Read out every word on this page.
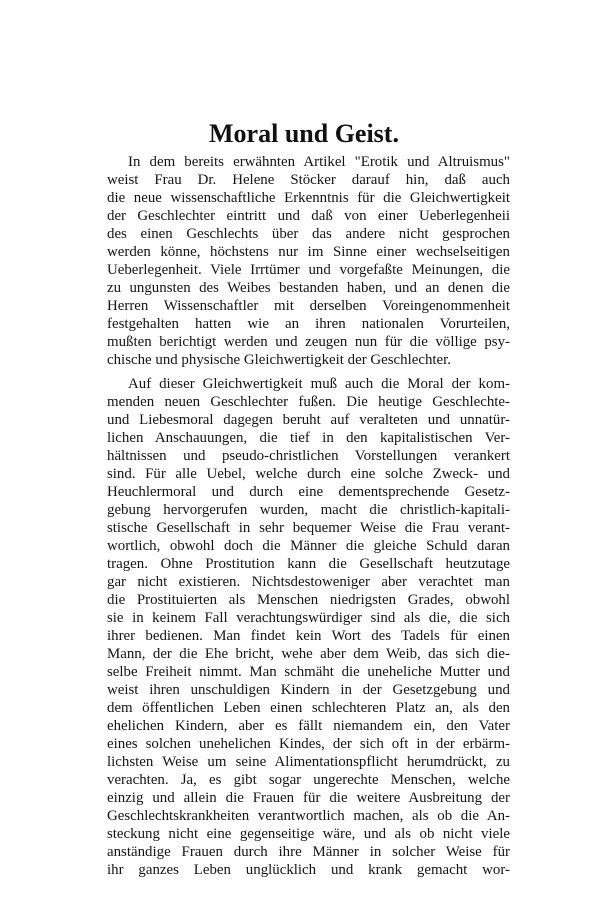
Moral und Geist.
In dem bereits erwähnten Artikel "Erotik und Altruismus"
weist Frau Dr. Helene Stöcker darauf hin, daß auch
die neue wissenschaftliche Erkenntnis für die Gleichwertigkeit
der Geschlechter eintritt und daß von einer Ueberlegenheii
des einen Geschlechts über das andere nicht gesprochen
werden könne, höchstens nur im Sinne einer wechselseitigen
Ueberlegenheit. Viele Irrtümer und vorgefaßte Meinungen, die
zu ungunsten des Weibes bestanden haben, und an denen die
Herren Wissenschaftler mit derselben Voreingenommenheit
festgehalten hatten wie an ihren nationalen Vorurteilen,
mußten berichtigt werden und zeugen nun für die völlige psy-
chische und physische Gleichwertigkeit der Geschlechter.
Auf dieser Gleichwertigkeit muß auch die Moral der kom-
menden neuen Geschlechter fußen. Die heutige Geschlechte-
und Liebesmoral dagegen beruht auf veralteten und unnatür-
lichen Anschauungen, die tief in den kapitalistischen Ver-
hältnissen und pseudo-christlichen Vorstellungen verankert
sind. Für alle Uebel, welche durch eine solche Zweck- und
Heuchlermoral und durch eine dementsprechende Gesetz-
gebung hervorgerufen wurden, macht die christlich-kapitali-
stische Gesellschaft in sehr bequemer Weise die Frau verant-
wortlich, obwohl doch die Männer die gleiche Schuld daran
tragen. Ohne Prostitution kann die Gesellschaft heutzutage
gar nicht existieren. Nichtsdestoweniger aber verachtet man
die Prostituierten als Menschen niedrigsten Grades, obwohl
sie in keinem Fall verachtungswürdiger sind als die, die sich
ihrer bedienen. Man findet kein Wort des Tadels für einen
Mann, der die Ehe bricht, wehe aber dem Weib, das sich die-
selbe Freiheit nimmt. Man schmäht die uneheliche Mutter und
weist ihren unschuldigen Kindern in der Gesetzgebung und
dem öffentlichen Leben einen schlechteren Platz an, als den
ehelichen Kindern, aber es fällt niemandem ein, den Vater
eines solchen unehelichen Kindes, der sich oft in der erbärm-
lichsten Weise um seine Alimentationspflicht herumdrückt, zu
verachten. Ja, es gibt sogar ungerechte Menschen, welche
einzig und allein die Frauen für die weitere Ausbreitung der
Geschlechtskrankheiten verantwortlich machen, als ob die An-
steckung nicht eine gegenseitige wäre, und als ob nicht viele
anständige Frauen durch ihre Männer in solcher Weise für
ihr ganzes Leben unglücklich und krank gemacht wor-
